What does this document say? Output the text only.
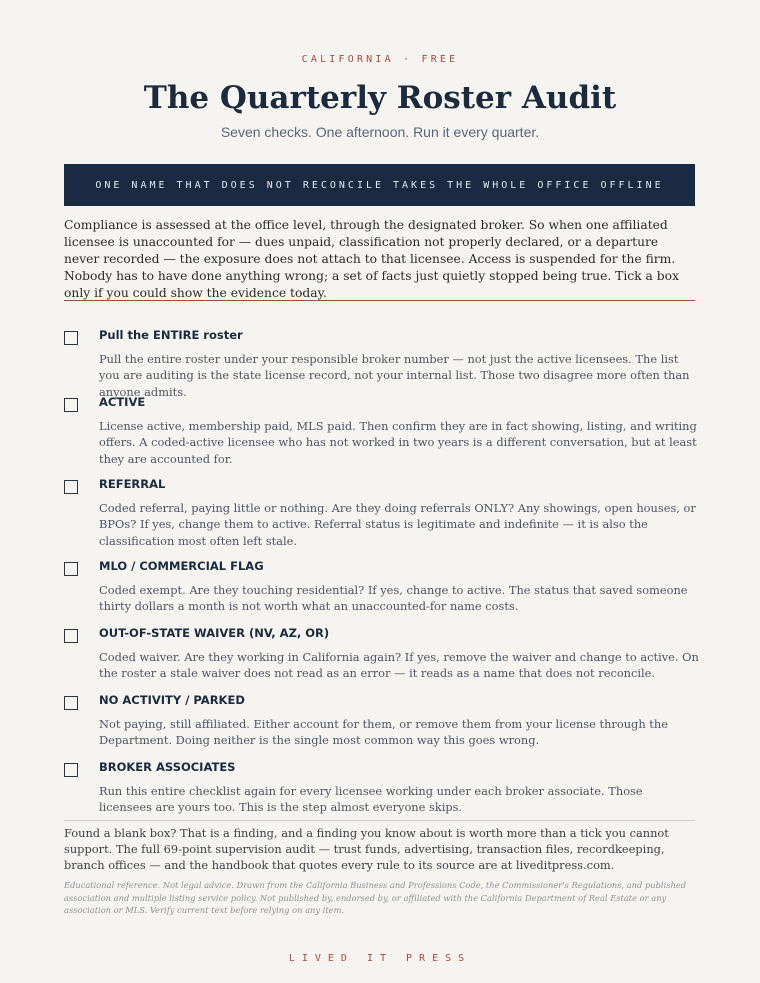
CALIFORNIA · FREE
The Quarterly Roster Audit
Seven checks. One afternoon. Run it every quarter.
ONE NAME THAT DOES NOT RECONCILE TAKES THE WHOLE OFFICE OFFLINE

Compliance is assessed at the office level, through the designated broker. So when one affiliated licensee is unaccounted for — dues unpaid, classification not properly declared, or a departure never recorded — the exposure does not attach to that licensee. Access is suspended for the firm. Nobody has to have done anything wrong; a set of facts just quietly stopped being true. Tick a box only if you could show the evidence today.

Pull the ENTIRE roster

Pull the entire roster under your responsible broker number — not just the active licensees. The list you are auditing is the state license record, not your internal list. Those two disagree more often than anyone admits.

ACTIVE

License active, membership paid, MLS paid. Then confirm they are in fact showing, listing, and writing offers. A coded-active licensee who has not worked in two years is a different conversation, but at least they are accounted for.

REFERRAL

Coded referral, paying little or nothing. Are they doing referrals ONLY? Any showings, open houses, or BPOs? If yes, change them to active. Referral status is legitimate and indefinite — it is also the classification most often left stale.

MLO / COMMERCIAL FLAG

Coded exempt. Are they touching residential? If yes, change to active. The status that saved someone thirty dollars a month is not worth what an unaccounted-for name costs.

OUT-OF-STATE WAIVER (NV, AZ, OR)

Coded waiver. Are they working in California again? If yes, remove the waiver and change to active. On the roster a stale waiver does not read as an error — it reads as a name that does not reconcile.

NO ACTIVITY / PARKED

Not paying, still affiliated. Either account for them, or remove them from your license through the Department. Doing neither is the single most common way this goes wrong.

BROKER ASSOCIATES

Run this entire checklist again for every licensee working under each broker associate. Those licensees are yours too. This is the step almost everyone skips.

Found a blank box? That is a finding, and a finding you know about is worth more than a tick you cannot support. The full 69-point supervision audit — trust funds, advertising, transaction files, recordkeeping, branch offices — and the handbook that quotes every rule to its source are at liveditpress.com.

Educational reference. Not legal advice. Drawn from the California Business and Professions Code, the Commissioner's Regulations, and published association and multiple listing service policy. Not published by, endorsed by, or affiliated with the California Department of Real Estate or any association or MLS. Verify current text before relying on any item.

LIVED IT PRESS
